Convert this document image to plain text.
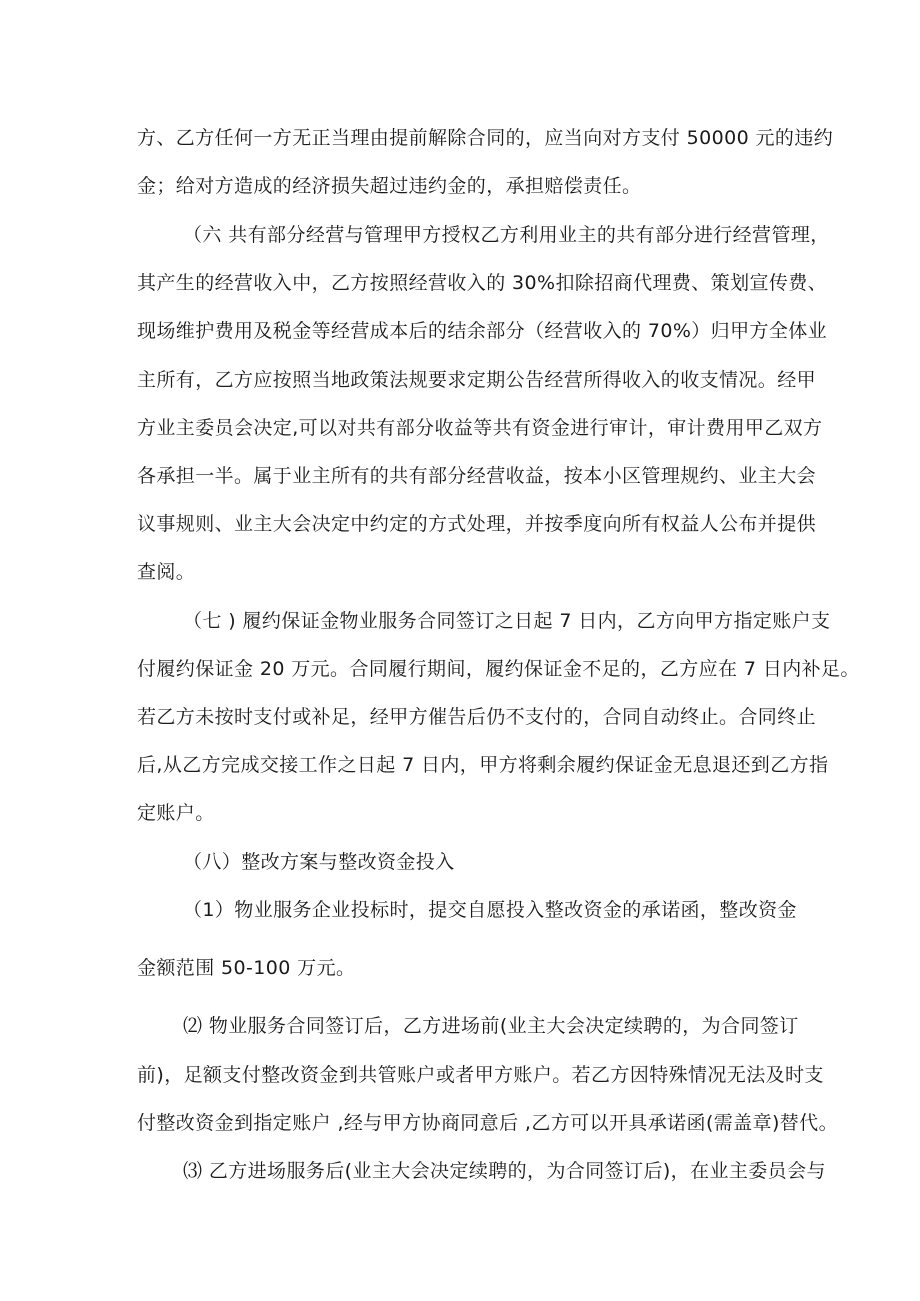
方、乙方任何一方无正当理由提前解除合同的，应当向对方支付 50000 元的违约

金；给对方造成的经济损失超过违约金的，承担赔偿责任。

（六 共有部分经营与管理甲方授权乙方利用业主的共有部分进行经营管理，

其产生的经营收入中，乙方按照经营收入的 30%扣除招商代理费、策划宣传费、

现场维护费用及税金等经营成本后的结余部分（经营收入的 70%）归甲方全体业

主所有，乙方应按照当地政策法规要求定期公告经营所得收入的收支情况。经甲

方业主委员会决定,可以对共有部分收益等共有资金进行审计，审计费用甲乙双方

各承担一半。属于业主所有的共有部分经营收益，按本小区管理规约、业主大会

议事规则、业主大会决定中约定的方式处理，并按季度向所有权益人公布并提供

查阅。

（七 ) 履约保证金物业服务合同签订之日起 7 日内，乙方向甲方指定账户支

付履约保证金 20 万元。合同履行期间，履约保证金不足的，乙方应在 7 日内补足。

若乙方未按时支付或补足，经甲方催告后仍不支付的，合同自动终止。合同终止

后,从乙方完成交接工作之日起 7 日内，甲方将剩余履约保证金无息退还到乙方指

定账户。

（八）整改方案与整改资金投入

（1）物业服务企业投标时，提交自愿投入整改资金的承诺函，整改资金

金额范围 50-100 万元。

⑵ 物业服务合同签订后，乙方进场前(业主大会决定续聘的，为合同签订

前)，足额支付整改资金到共管账户或者甲方账户。若乙方因特殊情况无法及时支

付整改资金到指定账户 ,经与甲方协商同意后 ,乙方可以开具承诺函(需盖章)替代。

⑶ 乙方进场服务后(业主大会决定续聘的，为合同签订后)，在业主委员会与
